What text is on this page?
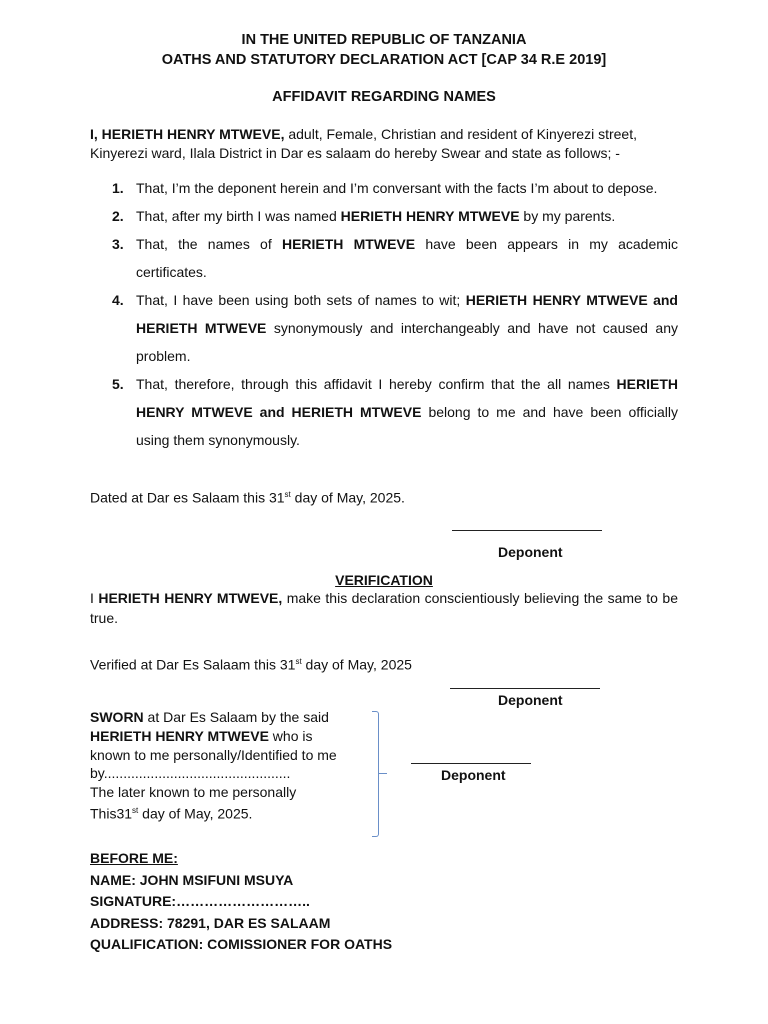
IN THE UNITED REPUBLIC OF TANZANIA
OATHS AND STATUTORY DECLARATION ACT [CAP 34 R.E 2019]
AFFIDAVIT REGARDING NAMES
I, HERIETH HENRY MTWEVE, adult, Female, Christian and resident of Kinyerezi street,
Kinyerezi ward, Ilala District in Dar es salaam do hereby Swear and state as follows; -
1. That, I’m the deponent herein and I’m conversant with the facts I’m about to depose.
2. That, after my birth I was named HERIETH HENRY MTWEVE by my parents.
3. That, the names of HERIETH MTWEVE have been appears in my academic certificates.
4. That, I have been using both sets of names to wit; HERIETH HENRY MTWEVE and HERIETH MTWEVE synonymously and interchangeably and have not caused any problem.
5. That, therefore, through this affidavit I hereby confirm that the all names HERIETH HENRY MTWEVE and HERIETH MTWEVE belong to me and have been officially using them synonymously.
Dated at Dar es Salaam this 31st day of May, 2025.
Deponent
VERIFICATION
I HERIETH HENRY MTWEVE, make this declaration conscientiously believing the same to be true.
Verified at Dar Es Salaam this 31st day of May, 2025
Deponent
SWORN at Dar Es Salaam by the said
HERIETH HENRY MTWEVE who is
known to me personally/Identified to me
by................................................
The later known to me personally
This31st day of May, 2025.
Deponent
BEFORE ME:
NAME: JOHN MSIFUNI MSUYA
SIGNATURE:………………………..
ADDRESS: 78291, DAR ES SALAAM
QUALIFICATION: COMISSIONER FOR OATHS
